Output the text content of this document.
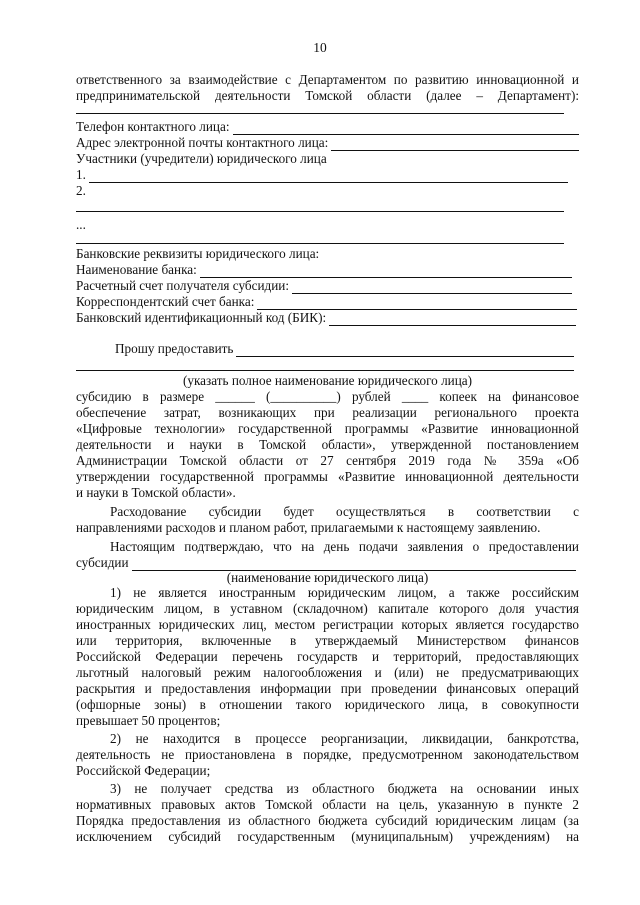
10
ответственного за взаимодействие с Департаментом по развитию инновационной и
предпринимательской деятельности Томской области (далее – Департамент):
Телефон контактного лица:
Адрес электронной почты контактного лица:
Участники (учредители) юридического лица
1.
2.
...
Банковские реквизиты юридического лица:
Наименование банка:
Расчетный счет получателя субсидии:
Корреспондентский счет банка:
Банковский идентификационный код (БИК):
Прошу предоставить
(указать полное наименование юридического лица)
субсидию в размере ______ (__________) рублей ____ копеек на финансовое
обеспечение затрат, возникающих при реализации регионального проекта
«Цифровые технологии» государственной программы «Развитие инновационной
деятельности и науки в Томской области», утвержденной постановлением
Администрации Томской области от 27 сентября 2019 года № 359а «Об
утверждении государственной программы «Развитие инновационной деятельности
и науки в Томской области».
Расходование субсидии будет осуществляться в соответствии с
направлениями расходов и планом работ, прилагаемыми к настоящему заявлению.
Настоящим подтверждаю, что на день подачи заявления о предоставлении
субсидии
(наименование юридического лица)
1) не является иностранным юридическим лицом, а также российским
юридическим лицом, в уставном (складочном) капитале которого доля участия
иностранных юридических лиц, местом регистрации которых является государство
или территория, включенные в утверждаемый Министерством финансов
Российской Федерации перечень государств и территорий, предоставляющих
льготный налоговый режим налогообложения и (или) не предусматривающих
раскрытия и предоставления информации при проведении финансовых операций
(офшорные зоны) в отношении такого юридического лица, в совокупности
превышает 50 процентов;
2) не находится в процессе реорганизации, ликвидации, банкротства,
деятельность не приостановлена в порядке, предусмотренном законодательством
Российской Федерации;
3) не получает средства из областного бюджета на основании иных
нормативных правовых актов Томской области на цель, указанную в пункте 2
Порядка предоставления из областного бюджета субсидий юридическим лицам (за
исключением субсидий государственным (муниципальным) учреждениям) на
